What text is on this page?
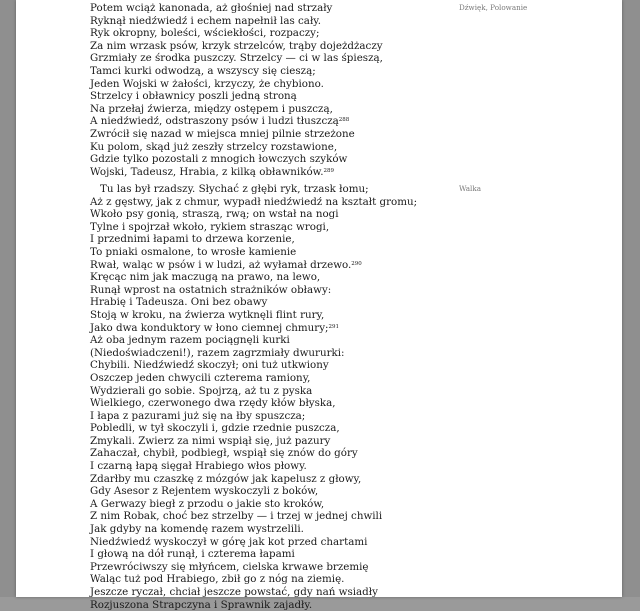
Dźwięk, Polowanie
Walka
Potem wciąż kanonada, aż głośniej nad strzały
Ryknął niedźwiedź i echem napełnił las cały.
Ryk okropny, boleści, wściekłości, rozpaczy;
Za nim wrzask psów, krzyk strzelców, trąby dojeżdżaczy
Grzmiały ze środka puszczy. Strzelcy — ci w las śpieszą,
Tamci kurki odwodzą, a wszyscy się cieszą;
Jeden Wojski w żałości, krzyczy, że chybiono.
Strzelcy i obławnicy poszli jedną stroną
Na przełaj źwierza, między ostępem i puszczą,
A niedźwiedź, odstraszony psów i ludzi tłuszczą$^{288}$
Zwrócił się nazad w miejsca mniej pilnie strzeżone
Ku polom, skąd już zeszły strzelcy rozstawione,
Gdzie tylko pozostali z mnogich łowczych szyków
Wojski, Tadeusz, Hrabia, z kilką obławników.$^{289}$
Tu las był rzadszy. Słychać z głębi ryk, trzask łomu;
Aż z gęstwy, jak z chmur, wypadł niedźwiedź na kształt gromu;
Wkoło psy gonią, straszą, rwą; on wstał na nogi
Tylne i spojrzał wkoło, rykiem strasząc wrogi,
I przednimi łapami to drzewa korzenie,
To pniaki osmalone, to wrosłe kamienie
Rwał, waląc w psów i w ludzi, aż wyłamał drzewo.$^{290}$
Kręcąc nim jak maczugą na prawo, na lewo,
Runął wprost na ostatnich strażników obławy:
Hrabię i Tadeusza. Oni bez obawy
Stoją w kroku, na źwierza wytknęli flint rury,
Jako dwa konduktory w łono ciemnej chmury;$^{291}$
Aż oba jednym razem pociągnęli kurki
(Niedoświadczeni!), razem zagrzmiały dwururki:
Chybili. Niedźwiedź skoczył; oni tuż utkwiony
Oszczep jeden chwycili czterema ramiony,
Wydzierali go sobie. Spojrzą, aż tu z pyska
Wielkiego, czerwonego dwa rzędy kłów błyska,
I łapa z pazurami już się na łby spuszcza;
Pobledli, w tył skoczyli i, gdzie rzednie puszcza,
Zmykali. Zwierz za nimi wspiął się, już pazury
Zahaczał, chybił, podbiegł, wspiął się znów do góry
I czarną łapą sięgał Hrabiego włos płowy.
Zdarłby mu czaszkę z mózgów jak kapelusz z głowy,
Gdy Asesor z Rejentem wyskoczyli z boków,
A Gerwazy biegł z przodu o jakie sto kroków,
Z nim Robak, choć bez strzelby — i trzej w jednej chwili
Jak gdyby na komendę razem wystrzelili.
Niedźwiedź wyskoczył w górę jak kot przed chartami
I głową na dół runął, i czterema łapami
Przewróciwszy się młyńcem, cielska krwawe brzemię
Waląc tuż pod Hrabiego, zbił go z nóg na ziemię.
Jeszcze ryczał, chciał jeszcze powstać, gdy nań wsiadły
Rozjuszona Strapczyna i Sprawnik zajadły.
